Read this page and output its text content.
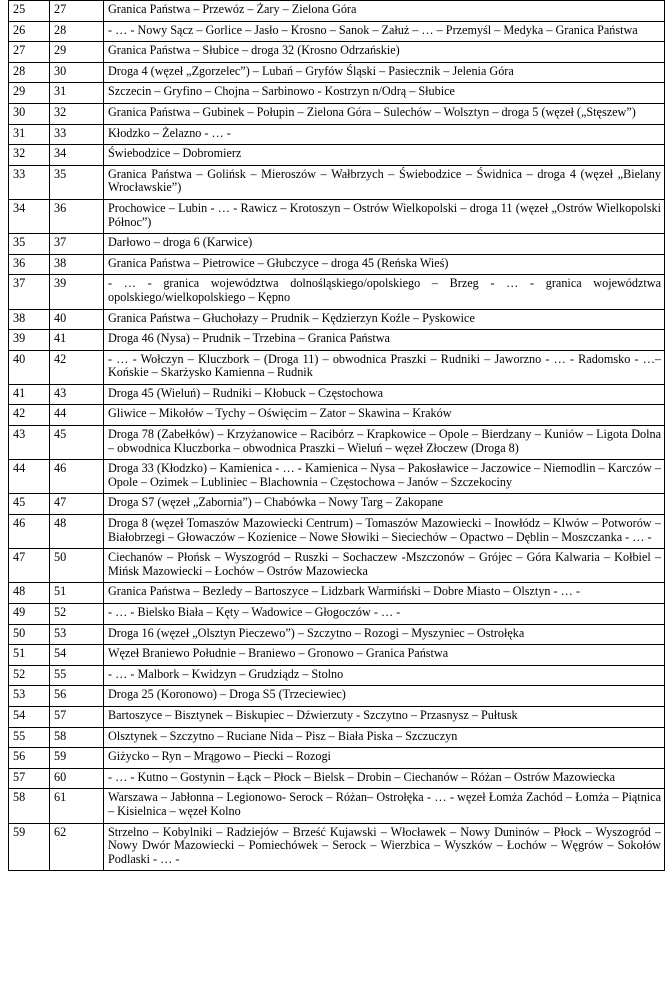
25	27	Granica Państwa – Przewóz – Żary – Zielona Góra
26	28	- … - Nowy Sącz – Gorlice – Jasło – Krosno – Sanok – Załuż – … – Przemyśl – Medyka – Granica Państwa
27	29	Granica Państwa – Słubice – droga 32 (Krosno Odrzańskie)
28	30	Droga 4 (węzeł „Zgorzelec”) – Lubań – Gryfów Śląski – Pasiecznik – Jelenia Góra
29	31	Szczecin – Gryfino – Chojna – Sarbinowo - Kostrzyn n/Odrą – Słubice
30	32	Granica Państwa – Gubinek – Połupin – Zielona Góra – Sulechów – Wolsztyn – droga 5 (węzeł („Stęszew”)
31	33	Kłodzko – Żelazno - … -
32	34	Świebodzice – Dobromierz
33	35	Granica Państwa – Golińsk – Mieroszów – Wałbrzych – Świebodzice – Świdnica – droga 4 (węzeł „Bielany Wrocławskie”)
34	36	Prochowice – Lubin - … - Rawicz – Krotoszyn – Ostrów Wielkopolski – droga 11 (węzeł „Ostrów Wielkopolski Północ”)
35	37	Darłowo – droga 6 (Karwice)
36	38	Granica Państwa – Pietrowice – Głubczyce – droga 45 (Reńska Wieś)
37	39	- … - granica województwa dolnośląskiego/opolskiego – Brzeg - … - granica województwa opolskiego/wielkopolskiego – Kępno
38	40	Granica Państwa – Głuchołazy – Prudnik – Kędzierzyn Koźle – Pyskowice
39	41	Droga 46 (Nysa) – Prudnik – Trzebina – Granica Państwa
40	42	- … - Wołczyn – Kluczbork – (Droga 11) – obwodnica Praszki – Rudniki – Jaworzno - … - Radomsko - …– Końskie – Skarżysko Kamienna – Rudnik
41	43	Droga 45 (Wieluń) – Rudniki – Kłobuck – Częstochowa
42	44	Gliwice – Mikołów – Tychy – Oświęcim – Zator – Skawina – Kraków
43	45	Droga 78 (Zabełków) – Krzyżanowice – Racibórz – Krapkowice – Opole – Bierdzany – Kuniów – Ligota Dolna – obwodnica Kluczborka – obwodnica Praszki – Wieluń – węzeł Złoczew (Droga 8)
44	46	Droga 33 (Kłodzko) – Kamienica - … - Kamienica – Nysa – Pakosławice – Jaczowice – Niemodlin – Karczów – Opole – Ozimek – Lubliniec – Blachownia – Częstochowa – Janów – Szczekociny
45	47	Droga S7 (węzeł „Zabornia”) – Chabówka – Nowy Targ – Zakopane
46	48	Droga 8 (węzeł Tomaszów Mazowiecki Centrum) – Tomaszów Mazowiecki – Inowłódz – Klwów – Potworów – Białobrzegi – Głowaczów – Kozienice – Nowe Słowiki – Sieciechów – Opactwo – Dęblin – Moszczanka - … -
47	50	Ciechanów – Płońsk – Wyszogród – Ruszki – Sochaczew -Mszczonów – Grójec – Góra Kalwaria – Kołbiel – Mińsk Mazowiecki – Łochów – Ostrów Mazowiecka
48	51	Granica Państwa – Bezledy – Bartoszyce – Lidzbark Warmiński – Dobre Miasto – Olsztyn - … -
49	52	- … - Bielsko Biała – Kęty – Wadowice – Głogoczów - … -
50	53	Droga 16 (węzeł „Olsztyn Pieczewo”) – Szczytno – Rozogi – Myszyniec – Ostrołęka
51	54	Węzeł Braniewo Południe – Braniewo – Gronowo – Granica Państwa
52	55	- … - Malbork – Kwidzyn – Grudziądz – Stolno
53	56	Droga 25 (Koronowo) – Droga S5 (Trzeciewiec)
54	57	Bartoszyce – Bisztynek – Biskupiec – Dźwierzuty - Szczytno – Przasnysz – Pułtusk
55	58	Olsztynek – Szczytno – Ruciane Nida – Pisz – Biała Piska – Szczuczyn
56	59	Giżycko – Ryn – Mrągowo – Piecki – Rozogi
57	60	- … - Kutno – Gostynin – Łąck – Płock – Bielsk – Drobin – Ciechanów – Różan – Ostrów Mazowiecka
58	61	Warszawa – Jabłonna – Legionowo- Serock – Różan– Ostrołęka - … - węzeł Łomża Zachód – Łomża – Piątnica – Kisielnica – węzeł Kolno
59	62	Strzelno – Kobylniki – Radziejów – Brześć Kujawski – Włocławek – Nowy Duninów – Płock – Wyszogród – Nowy Dwór Mazowiecki – Pomiechówek – Serock – Wierzbica – Wyszków – Łochów – Węgrów – Sokołów Podlaski - … -
